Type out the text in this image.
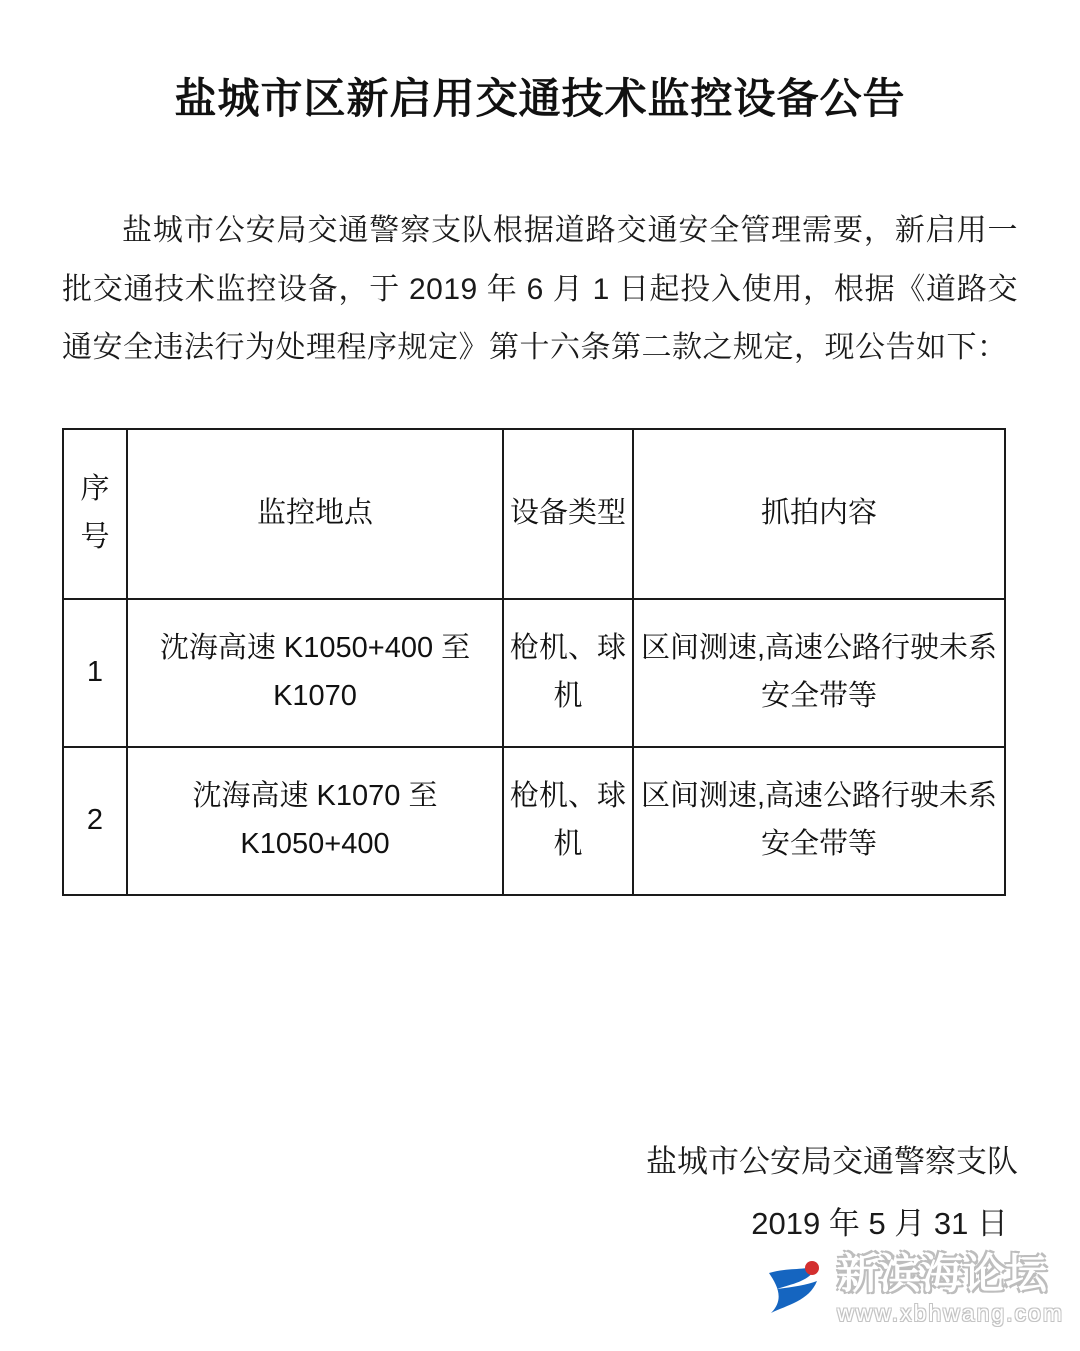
盐城市区新启用交通技术监控设备公告

盐城市公安局交通警察支队根据道路交通安全管理需要，新启用一批交通技术监控设备，于 2019 年 6 月 1 日起投入使用，根据《道路交通安全违法行为处理程序规定》第十六条第二款之规定，现公告如下：

序号	监控地点	设备类型	抓拍内容
1	沈海高速 K1050+400 至 K1070	枪机、球机	区间测速,高速公路行驶未系安全带等
2	沈海高速 K1070 至 K1050+400	枪机、球机	区间测速,高速公路行驶未系安全带等
盐城市公安局交通警察支队
2019 年 5 月 31 日
新滨海论坛
www.xbhwang.com
